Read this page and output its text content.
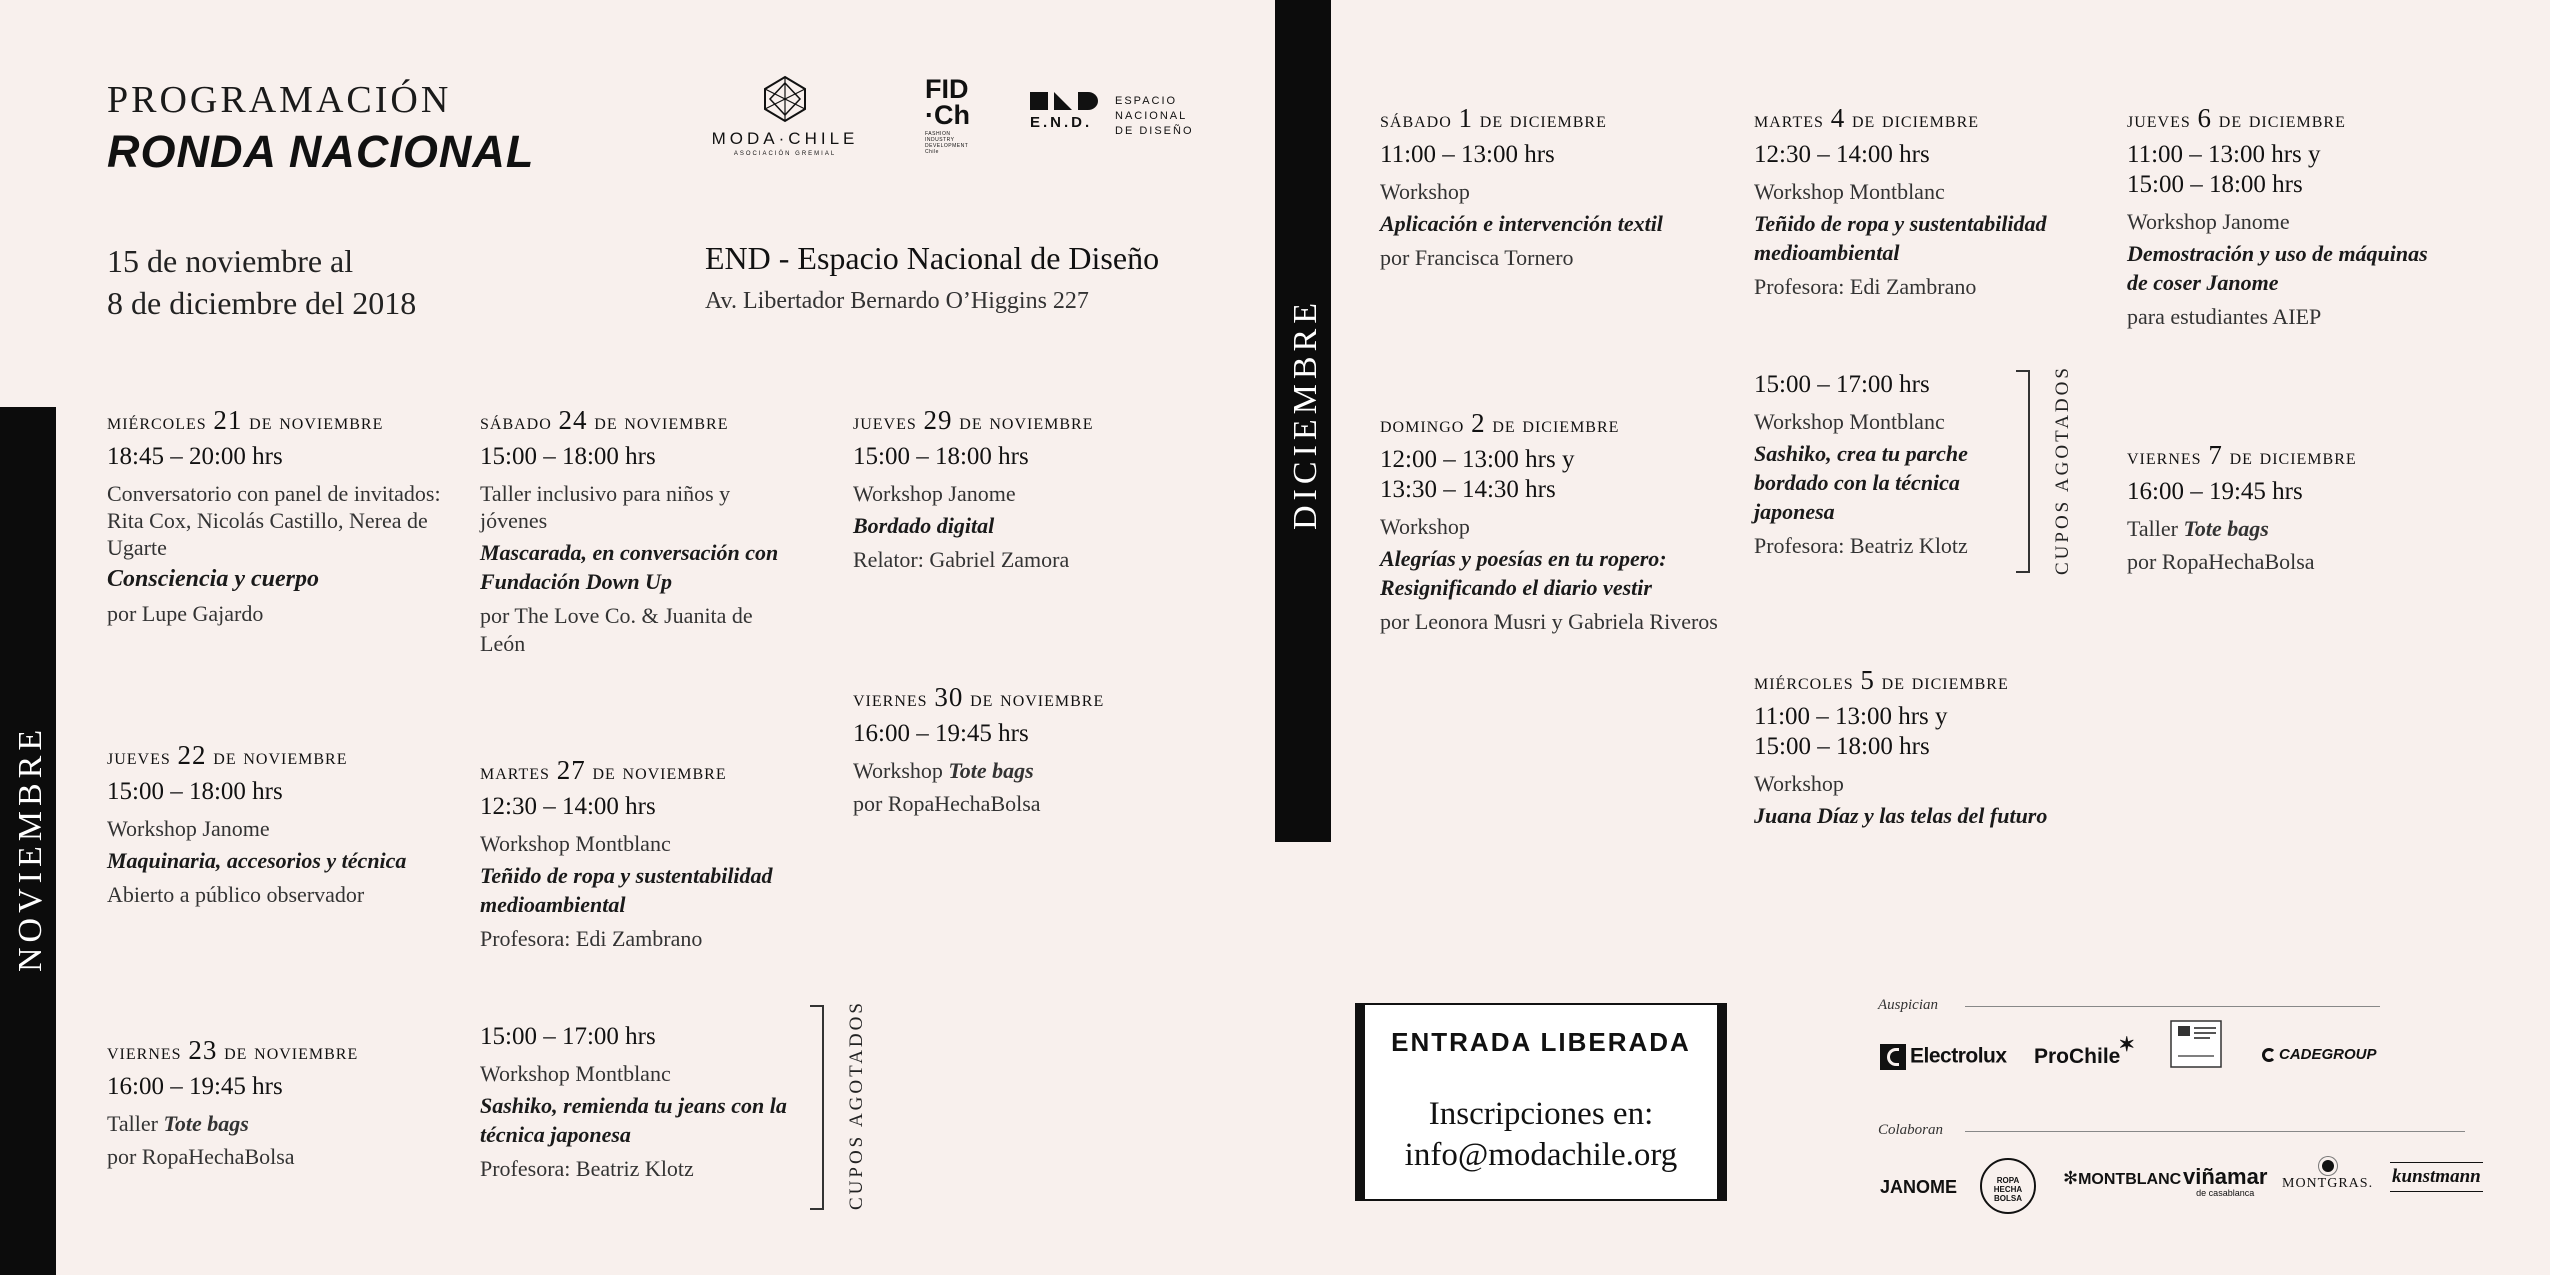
NOVIEMBRE
DICIEMBRE
PROGRAMACIÓN
RONDA NACIONAL
15 de noviembre al
8 de diciembre del 2018
END - Espacio Nacional de Diseño
Av. Libertador Bernardo O’Higgins 227
MODA·CHILE
ASOCIACIÓN GREMIAL
FID
·Ch
FASHION INDUSTRY DEVELOPMENT Chile
E.N.D.
ESPACIO NACIONAL DE DISEÑO
miércoles 21 de noviembre
18:45 – 20:00 hrs
Conversatorio con panel de invitados: Rita Cox, Nicolás Castillo, Nerea de Ugarte
Consciencia y cuerpo
por Lupe Gajardo
sábado 24 de noviembre
15:00 – 18:00 hrs
Taller inclusivo para niños y jóvenes
Mascarada, en conversación con Fundación Down Up
por The Love Co. & Juanita de León
jueves 29 de noviembre
15:00 – 18:00 hrs
Workshop Janome
Bordado digital
Relator: Gabriel Zamora
viernes 30 de noviembre
16:00 – 19:45 hrs
Workshop Tote bags
por RopaHechaBolsa
jueves 22 de noviembre
15:00 – 18:00 hrs
Workshop Janome
Maquinaria, accesorios y técnica
Abierto a público observador
martes 27 de noviembre
12:30 – 14:00 hrs
Workshop Montblanc
Teñido de ropa y sustentabilidad medioambiental
Profesora: Edi Zambrano
15:00 – 17:00 hrs
Workshop Montblanc
Sashiko, remienda tu jeans con la técnica japonesa
Profesora: Beatriz Klotz	CUPOS AGOTADOS
viernes 23 de noviembre
16:00 – 19:45 hrs
Taller Tote bags
por RopaHechaBolsa
sábado 1 de diciembre
11:00 – 13:00 hrs
Workshop
Aplicación e intervención textil
por Francisca Tornero
domingo 2 de diciembre
12:00 – 13:00 hrs y
13:30 – 14:30 hrs
Workshop
Alegrías y poesías en tu ropero: Resignificando el diario vestir
por Leonora Musri y Gabriela Riveros
martes 4 de diciembre
12:30 – 14:00 hrs
Workshop Montblanc
Teñido de ropa y sustentabilidad medioambiental
Profesora: Edi Zambrano
15:00 – 17:00 hrs
Workshop Montblanc
Sashiko, crea tu parche bordado con la técnica japonesa
Profesora: Beatriz Klotz	CUPOS AGOTADOS
miércoles 5 de diciembre
11:00 – 13:00 hrs y
15:00 – 18:00 hrs
Workshop
Juana Díaz y las telas del futuro
jueves 6 de diciembre
11:00 – 13:00 hrs y
15:00 – 18:00 hrs
Workshop Janome
Demostración y uso de máquinas de coser Janome
para estudiantes AIEP
viernes 7 de diciembre
16:00 – 19:45 hrs
Taller Tote bags
por RopaHechaBolsa
ENTRADA LIBERADA
Inscripciones en:
info@modachile.org
Auspician
Electrolux ProChile✶	CADEGROUP
Colaboran
JANOME	ROPA HECHA BOLSA
✻MONTBLANC viñamar
de casablanca
MONTGRAS. kunstmann
